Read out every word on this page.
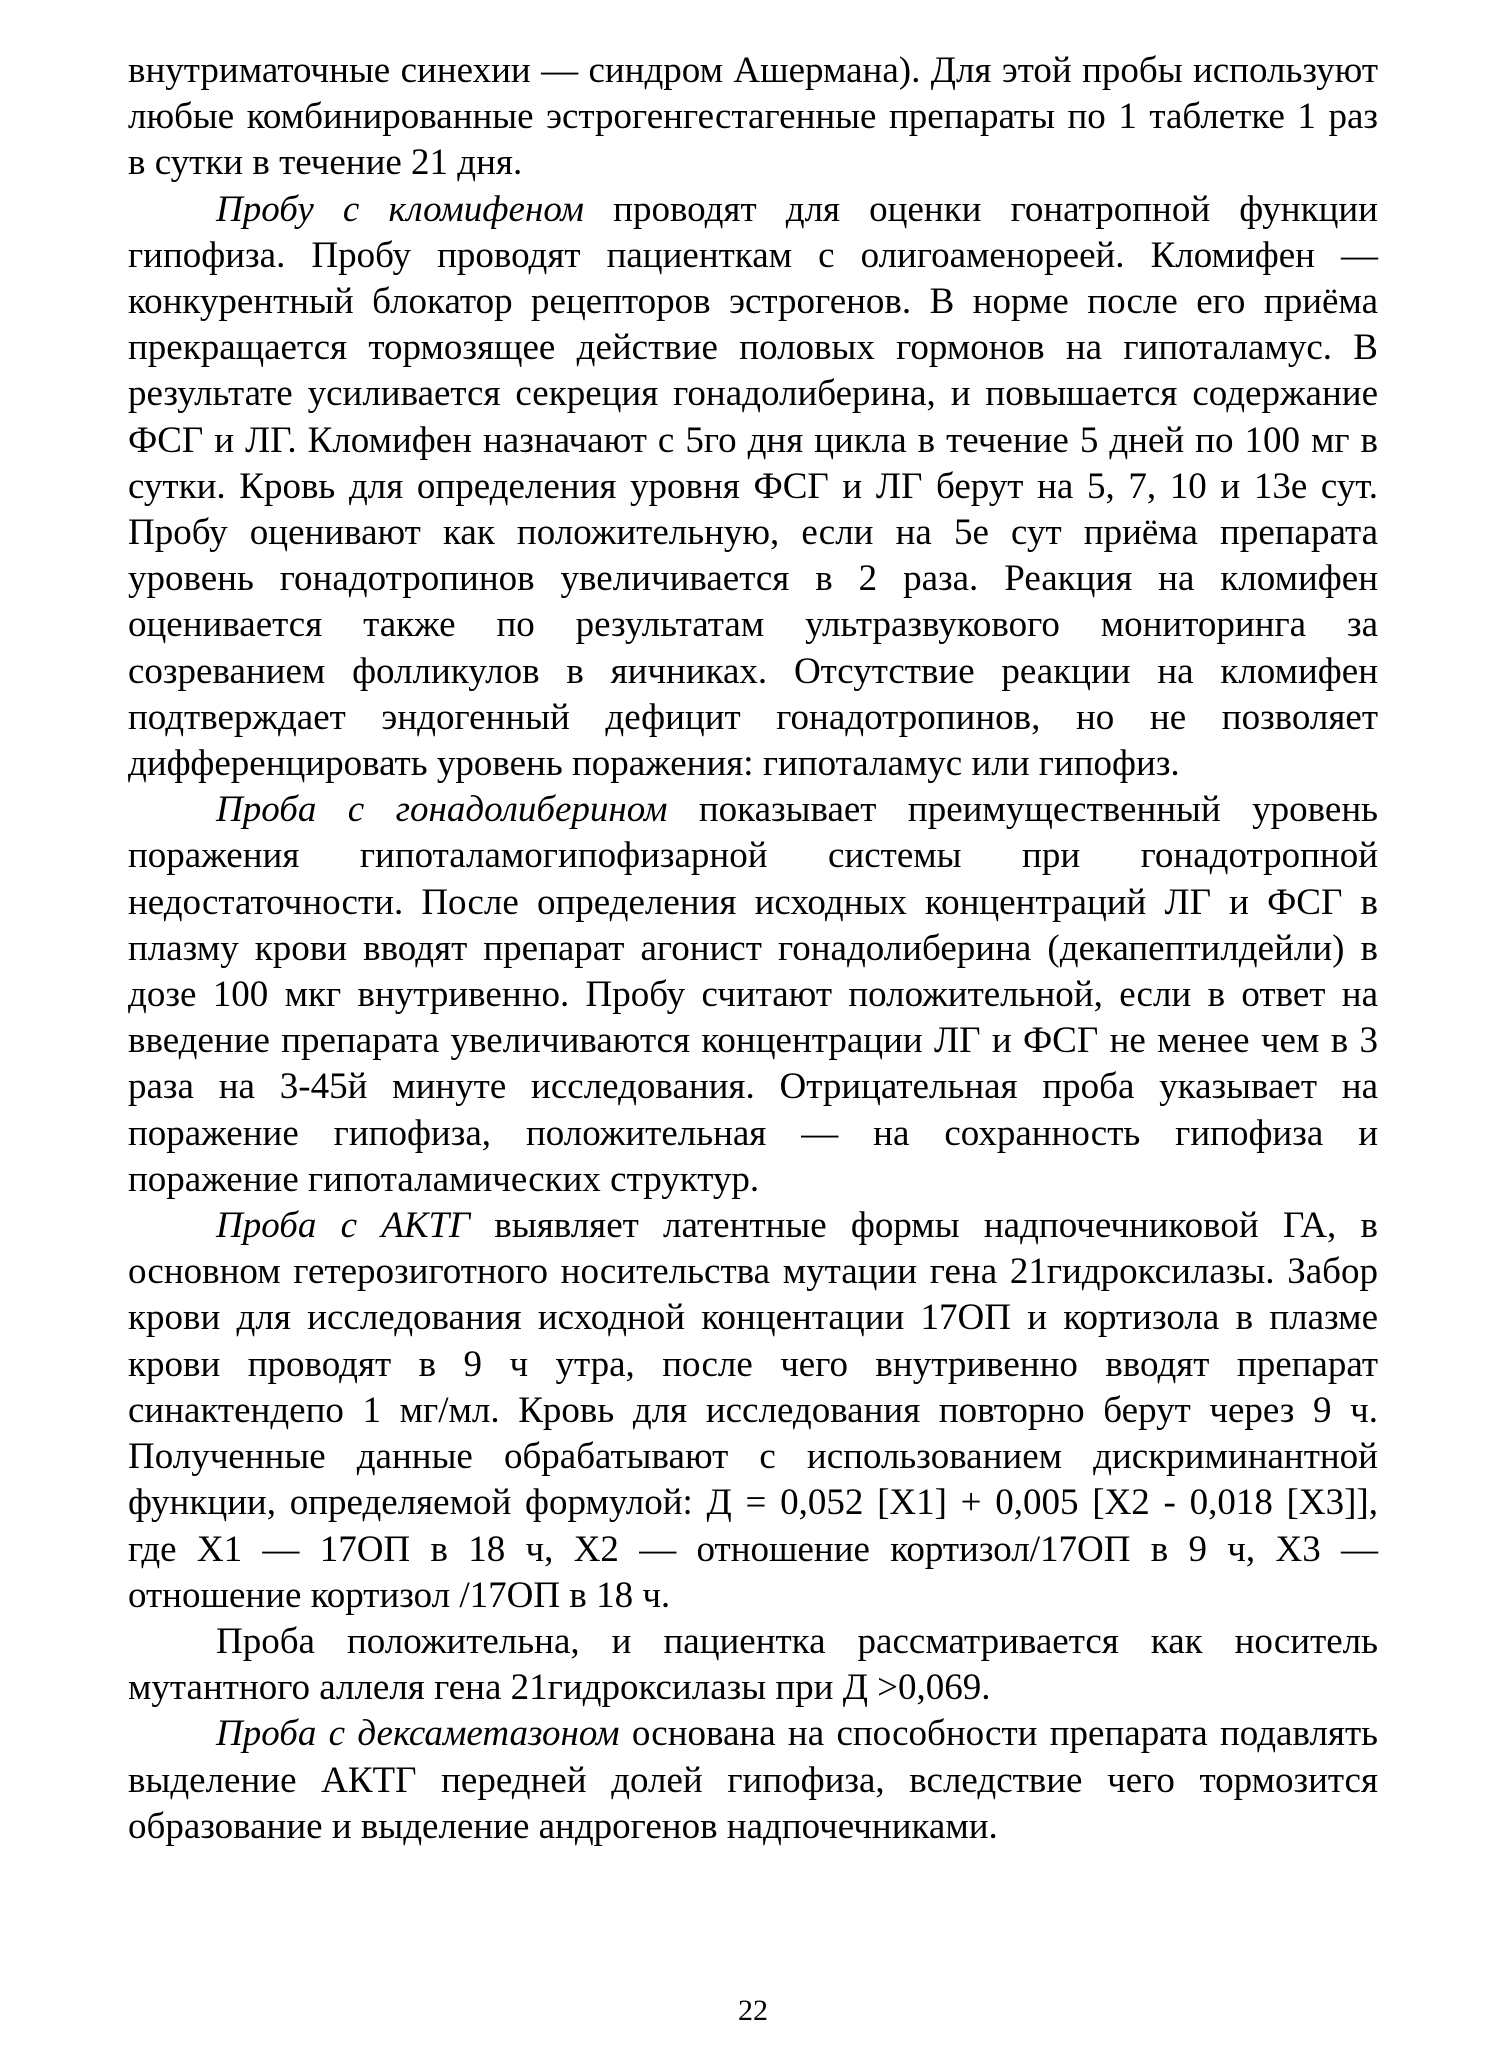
внутриматочные синехии — синдром Ашермана). Для этой пробы используют любые комбинированные эстрогенгестагенные препараты по 1 таблетке 1 раз в сутки в течение 21 дня.

Пробу с кломифеном проводят для оценки гонатропной функции гипофиза. Пробу проводят пациенткам с олигоаменореей. Кломифен — конкурентный блокатор рецепторов эстрогенов. В норме после его приёма прекращается тормозящее действие половых гормонов на гипоталамус. В результате усиливается секреция гонадолиберина, и повышается содержание ФСГ и ЛГ. Кломифен назначают с 5го дня цикла в течение 5 дней по 100 мг в сутки. Кровь для определения уровня ФСГ и ЛГ берут на 5, 7, 10 и 13е сут. Пробу оценивают как положительную, если на 5е сут приёма препарата уровень гонадотропинов увеличивается в 2 раза. Реакция на кломифен оценивается также по результатам ультразвукового мониторинга за созреванием фолликулов в яичниках. Отсутствие реакции на кломифен подтверждает эндогенный дефицит гонадотропинов, но не позволяет дифференцировать уровень поражения: гипоталамус или гипофиз.

Проба с гонадолиберином показывает преимущественный уровень поражения гипоталамогипофизарной системы при гонадотропной недостаточности. После определения исходных концентраций ЛГ и ФСГ в плазму крови вводят препарат агонист гонадолиберина (декапептилдейли) в дозе 100 мкг внутривенно. Пробу считают положительной, если в ответ на введение препарата увеличиваются концентрации ЛГ и ФСГ не менее чем в 3 раза на 3-45й минуте исследования. Отрицательная проба указывает на поражение гипофиза, положительная — на сохранность гипофиза и поражение гипоталамических структур.

Проба с АКТГ выявляет латентные формы надпочечниковой ГА, в основном гетерозиготного носительства мутации гена 21гидроксилазы. Забор крови для исследования исходной концентации 17ОП и кортизола в плазме крови проводят в 9 ч утра, после чего внутривенно вводят препарат синактендепо 1 мг/мл. Кровь для исследования повторно берут через 9 ч. Полученные данные обрабатывают с использованием дискриминантной функции, определяемой формулой: Д = 0,052 [X1] + 0,005 [X2 - 0,018 [X3]], где X1 — 17ОП в 18 ч, X2 — отношение кортизол/17ОП в 9 ч, X3 — отношение кортизол /17ОП в 18 ч.

Проба положительна, и пациентка рассматривается как носитель мутантного аллеля гена 21гидроксилазы при Д >0,069.

Проба с дексаметазоном основана на способности препарата подавлять выделение АКТГ передней долей гипофиза, вследствие чего тормозится образование и выделение андрогенов надпочечниками.

22
